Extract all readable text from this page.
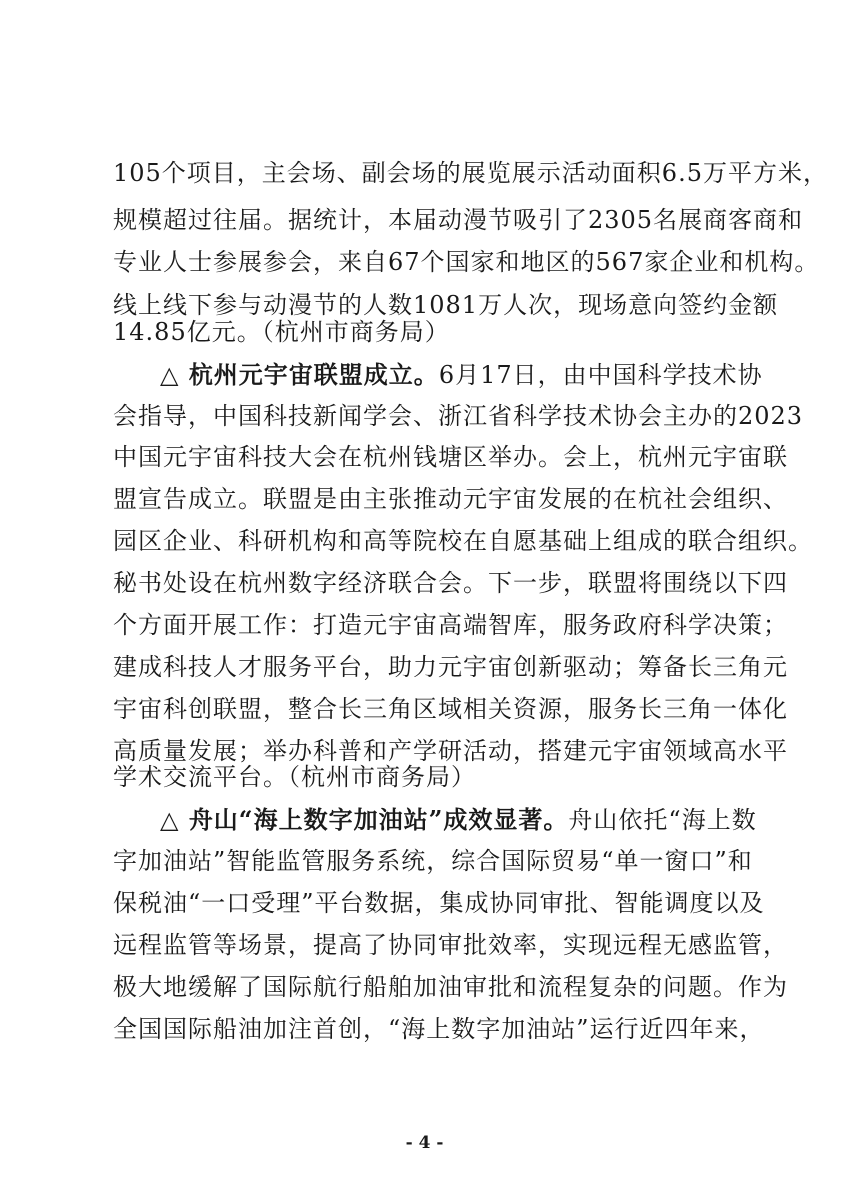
105个项目，主会场、副会场的展览展示活动面积6.5万平方米，
规模超过往届。据统计，本届动漫节吸引了2305名展商客商和
专业人士参展参会，来自67个国家和地区的567家企业和机构。
线上线下参与动漫节的人数1081万人次，现场意向签约金额
14.85亿元。（杭州市商务局）
△ 杭州元宇宙联盟成立。6月17日，由中国科学技术协
会指导，中国科技新闻学会、浙江省科学技术协会主办的2023
中国元宇宙科技大会在杭州钱塘区举办。会上，杭州元宇宙联
盟宣告成立。联盟是由主张推动元宇宙发展的在杭社会组织、
园区企业、科研机构和高等院校在自愿基础上组成的联合组织。
秘书处设在杭州数字经济联合会。下一步，联盟将围绕以下四
个方面开展工作：打造元宇宙高端智库，服务政府科学决策；
建成科技人才服务平台，助力元宇宙创新驱动；筹备长三角元
宇宙科创联盟，整合长三角区域相关资源，服务长三角一体化
高质量发展；举办科普和产学研活动，搭建元宇宙领域高水平
学术交流平台。（杭州市商务局）
△ 舟山“海上数字加油站”成效显著。舟山依托“海上数
字加油站”智能监管服务系统，综合国际贸易“单一窗口”和
保税油“一口受理”平台数据，集成协同审批、智能调度以及
远程监管等场景，提高了协同审批效率，实现远程无感监管，
极大地缓解了国际航行船舶加油审批和流程复杂的问题。作为
全国国际船油加注首创，“海上数字加油站”运行近四年来，
- 4 -
